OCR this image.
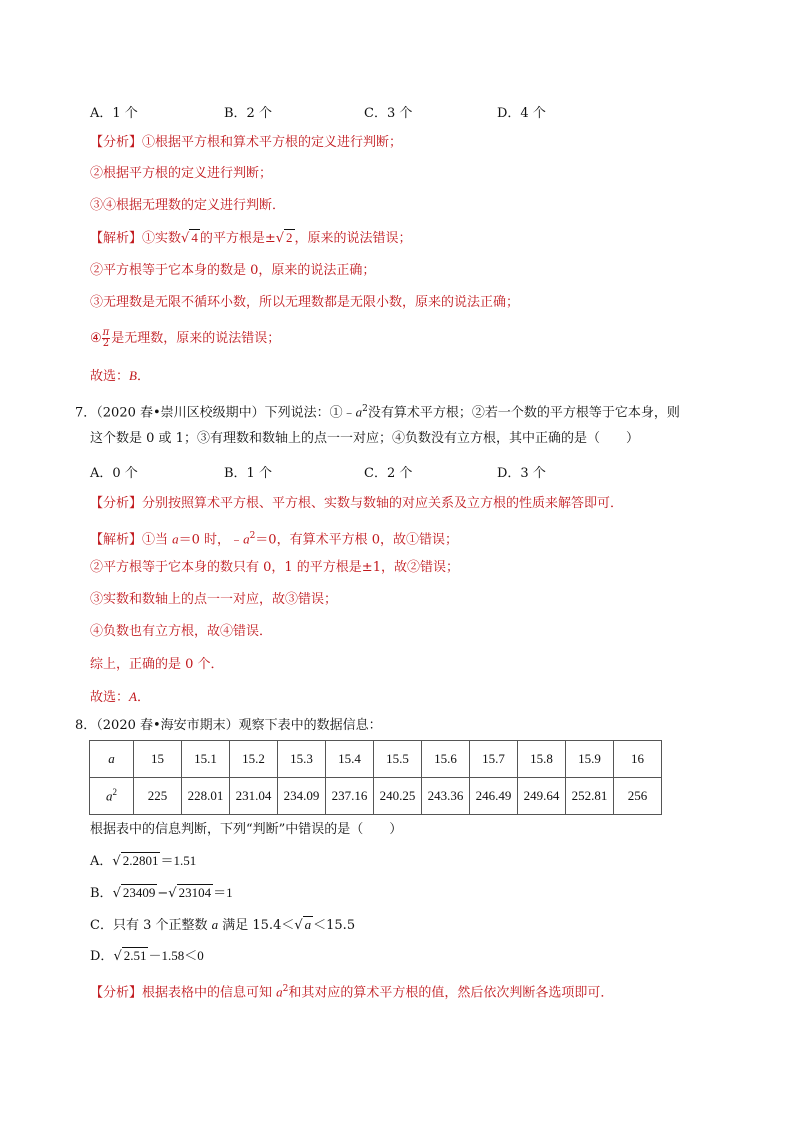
A．1 个	B．2 个	C．3 个	D．4 个
【分析】①根据平方根和算术平方根的定义进行判断；
②根据平方根的定义进行判断；
③④根据无理数的定义进行判断．
【解析】①实数√ 4 的平方根是±√ 2 ，原来的说法错误；
②平方根等于它本身的数是 0，原来的说法正确；
③无理数是无限不循环小数，所以无理数都是无限小数，原来的说法正确；
④ $\frac{\pi}{2}$ 是无理数，原来的说法错误；
故选：B．
7．（2020 春•崇川区校级期中）下列说法：$①﹣a^2$没有算术平方根；②若一个数的平方根等于它本身，则
这个数是 0 或 1；③有理数和数轴上的点一一对应；④负数没有立方根，其中正确的是（　　）
A．0 个	B．1 个	C．2 个	D．3 个
【分析】分别按照算术平方根、平方根、实数与数轴的对应关系及立方根的性质来解答即可．
【解析】①当 a＝0 时，$﹣a^2=0$，有算术平方根 0，故①错误；
②平方根等于它本身的数只有 0，1 的平方根是±1，故②错误；
③实数和数轴上的点一一对应，故③错误；
④负数也有立方根，故④错误．
综上，正确的是 0 个．
故选：A．
8．（2020 春•海安市期末）观察下表中的数据信息：
a	15	15.1	15.2	15.3	15.4	15.5	15.6	15.7	15.8	15.9	16
$a^2$	225	228.01	231.04	234.09	237.16	240.25	243.36	246.49	249.64	252.81	256
根据表中的信息判断，下列“判断”中错误的是（　　）
A．√ 2.2801 ＝1.51
B．√ 23409 −√ 23104 ＝1
C．只有 3 个正整数 a 满足 15.4＜√ a ＜15.5
D．√ 2.51 －1.58＜0
【分析】根据表格中的信息可知 $a^2$和其对应的算术平方根的值，然后依次判断各选项即可．
